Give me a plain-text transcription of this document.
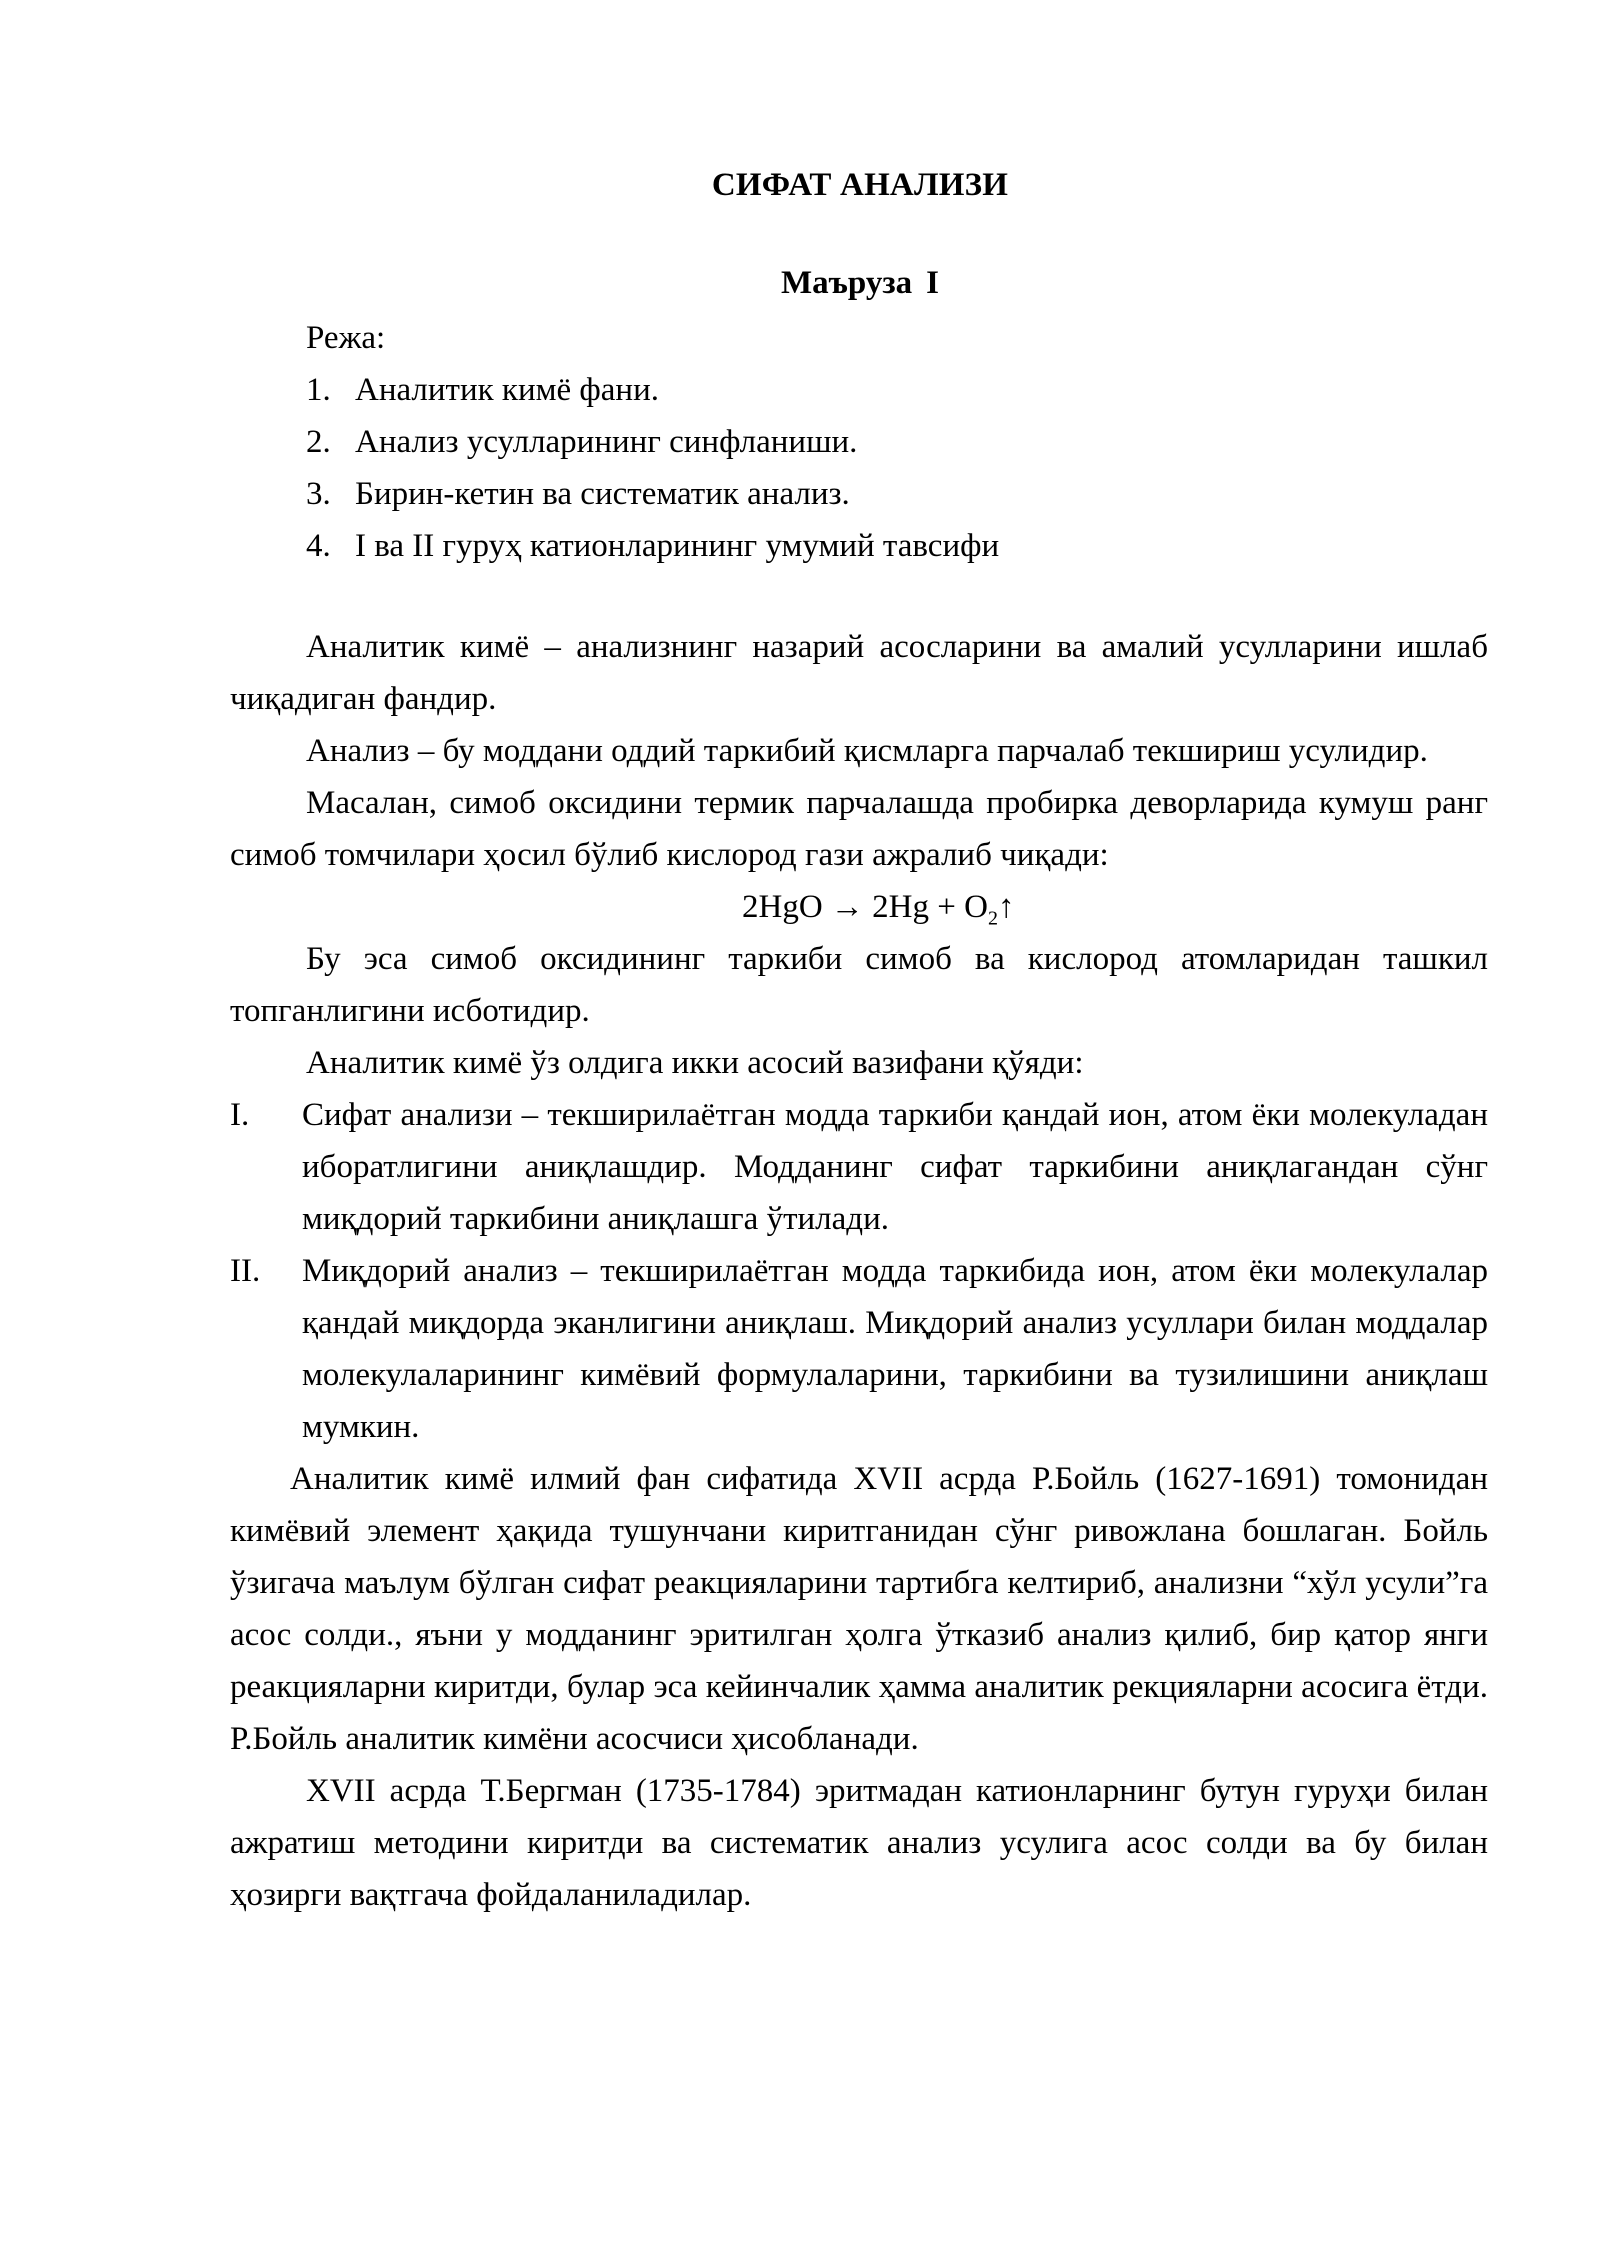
СИФАТ АНАЛИЗИ
Маъруза I
Режа:
1. Аналитик кимё фани.
2. Анализ усулларининг синфланиши.
3. Бирин-кетин ва систематик анализ.
4. I ва II гуруҳ катионларининг умумий тавсифи

Аналитик кимё – анализнинг назарий асосларини ва амалий усулларини ишлаб чиқадиган фандир.

Анализ – бу моддани оддий таркибий қисмларга парчалаб текшириш усулидир.

Масалан, симоб оксидини термик парчалашда пробирка деворларида кумуш ранг симоб томчилари ҳосил бўлиб кислород гази ажралиб чиқади:

$2HgO \to 2Hg + O_2↑$

Бу эса симоб оксидининг таркиби симоб ва кислород атомларидан ташкил топганлигини исботидир.

Аналитик кимё ўз олдига икки асосий вазифани қўяди:

I. Сифат анализи – текширилаётган модда таркиби қандай ион, атом ёки молекуладан иборатлигини аниқлашдир. Модданинг сифат таркибини аниқлагандан сўнг миқдорий таркибини аниқлашга ўтилади.
II. Миқдорий анализ – текширилаётган модда таркибида ион, атом ёки молекулалар қандай миқдорда эканлигини аниқлаш. Миқдорий анализ усуллари билан моддалар молекулаларининг кимёвий формулаларини, таркибини ва тузилишини аниқлаш мумкин.

Аналитик кимё илмий фан сифатида XVII асрда Р.Бойль (1627-1691) томонидан кимёвий элемент ҳақида тушунчани киритганидан сўнг ривожлана бошлаган. Бойль ўзигача маълум бўлган сифат реакцияларини тартибга келтириб, анализни “хўл усули”га асос солди., яъни у модданинг эритилган ҳолга ўтказиб анализ қилиб, бир қатор янги реакцияларни киритди, булар эса кейинчалик ҳамма аналитик рекцияларни асосига ётди. Р.Бойль аналитик кимёни асосчиси ҳисобланади.

XVII асрда Т.Бергман (1735-1784) эритмадан катионларнинг бутун гуруҳи билан ажратиш методини киритди ва систематик анализ усулига асос солди ва бу билан ҳозирги вақтгача фойдаланиладилар.
